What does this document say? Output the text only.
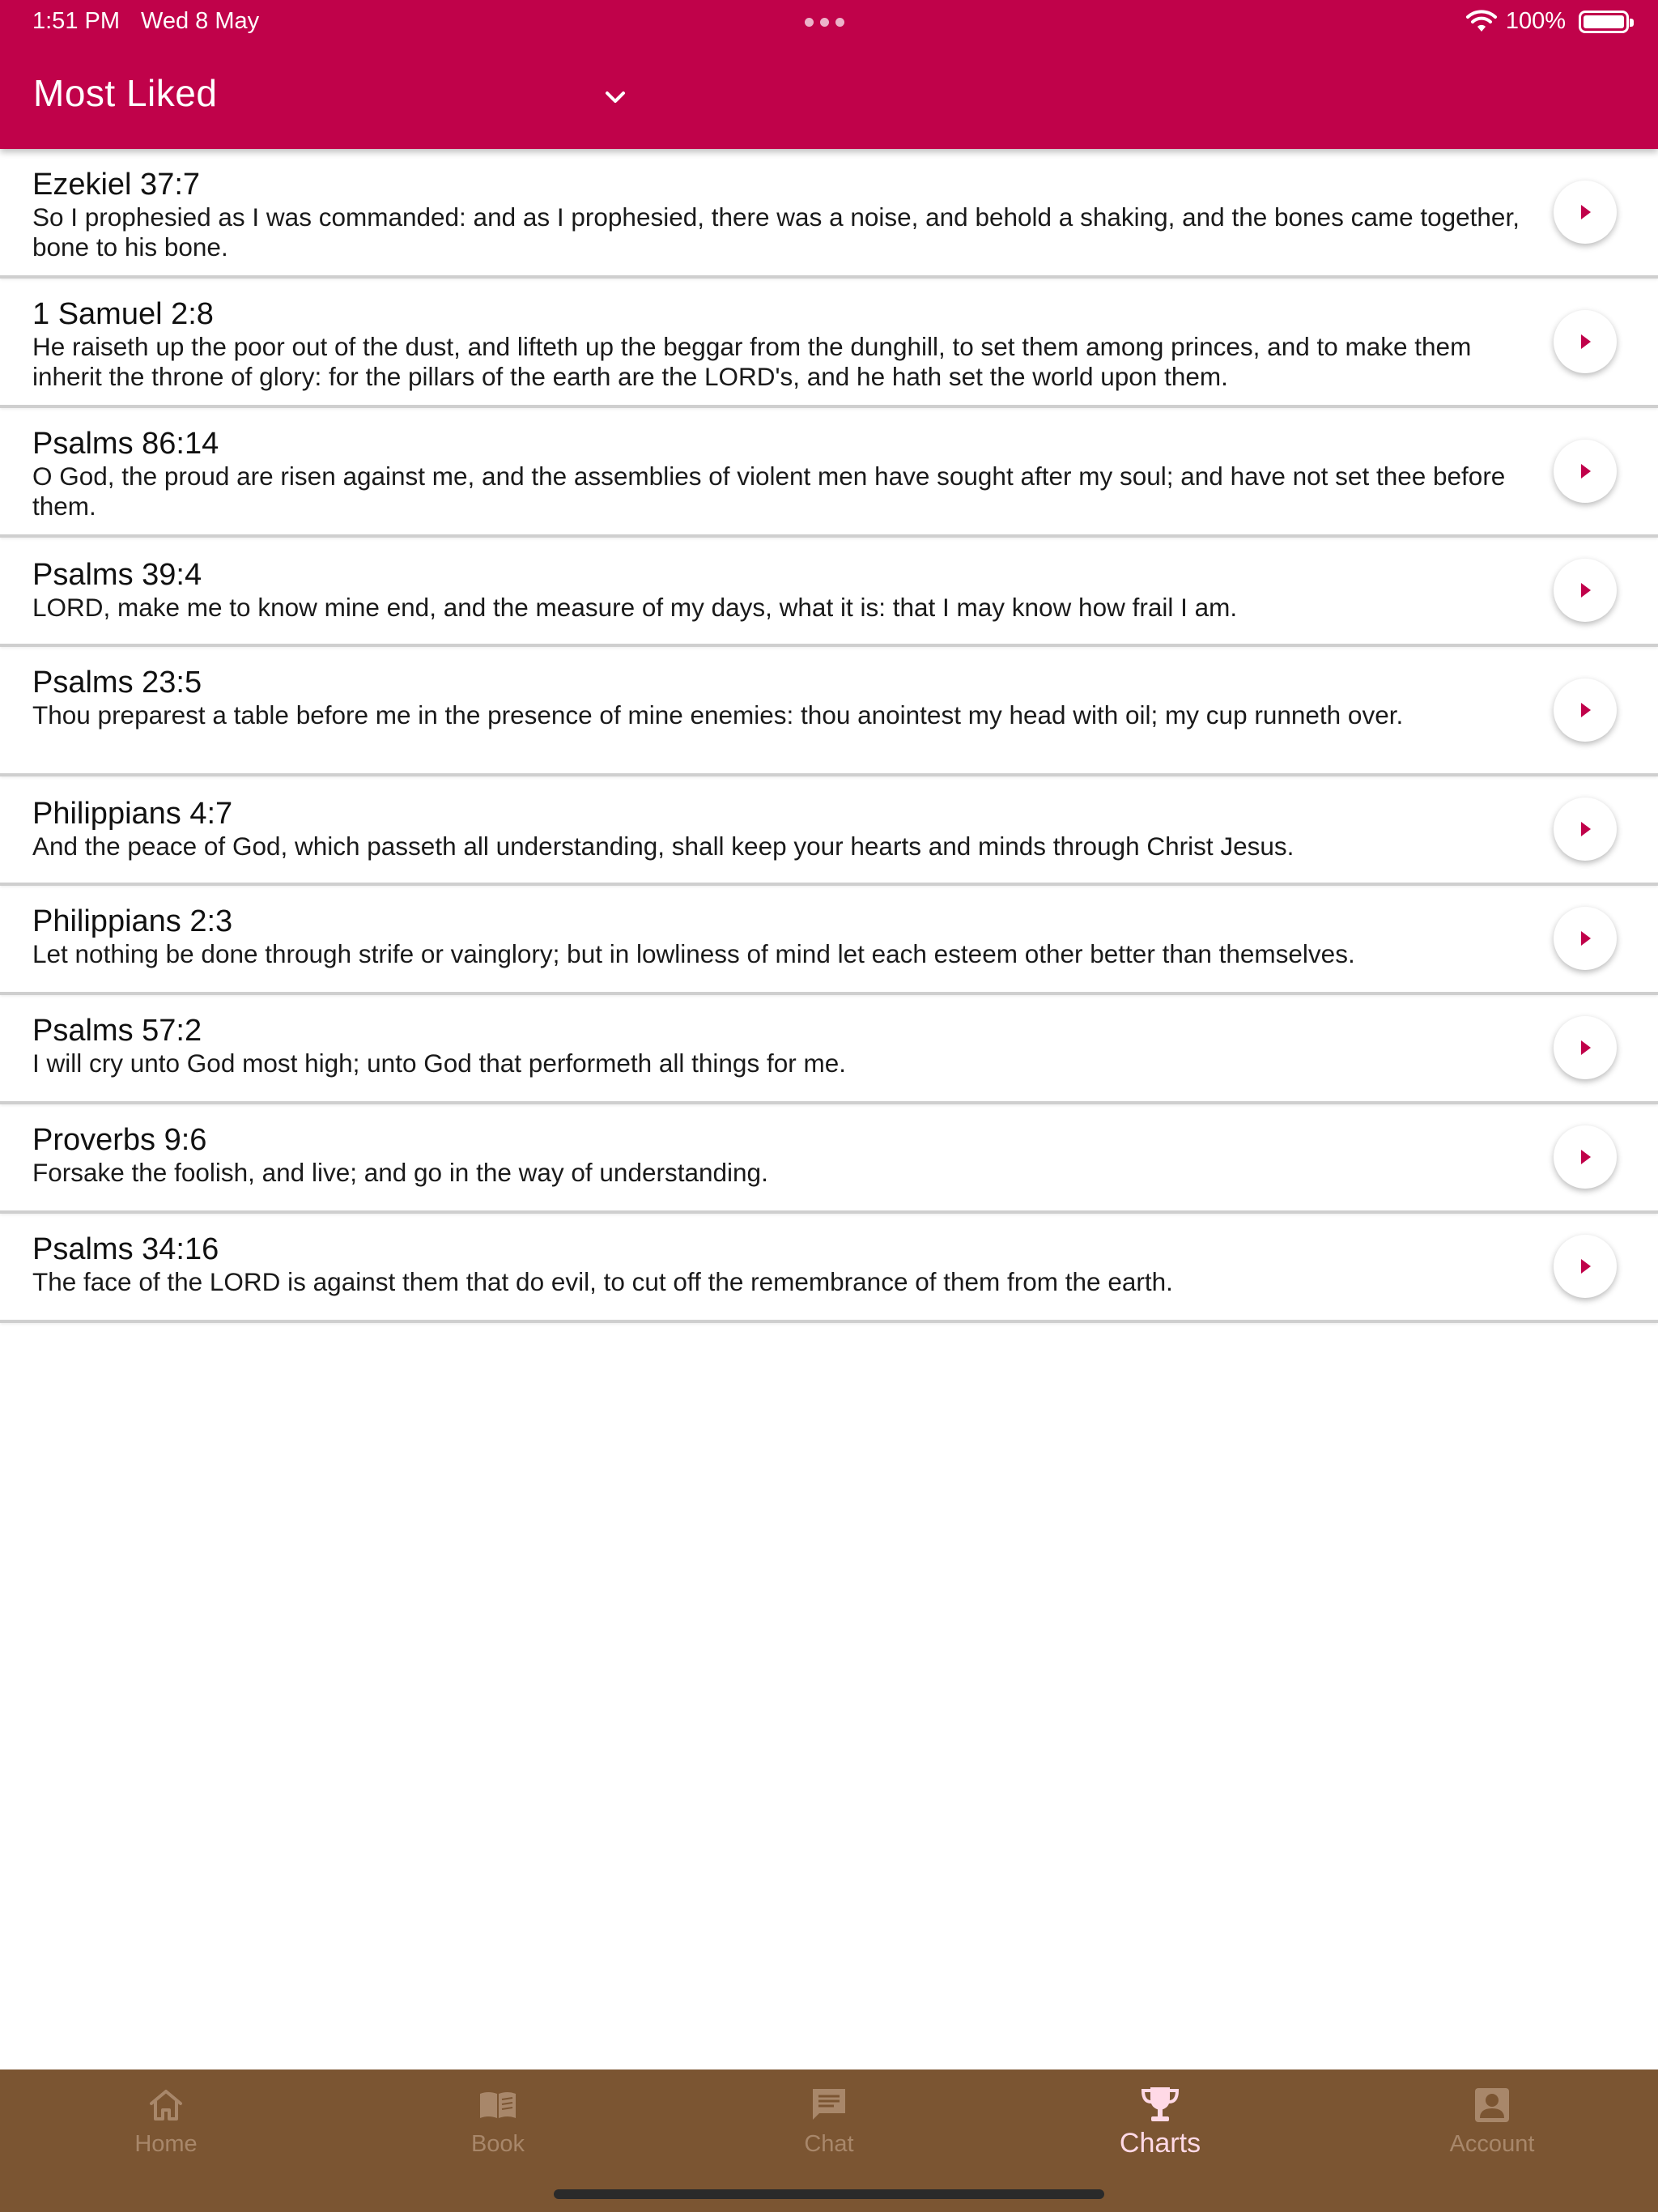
1:51 PM Wed 8 May	100%
Most Liked
Ezekiel 37:7
So I prophesied as I was commanded: and as I prophesied, there was a noise, and behold a shaking, and the bones came together, bone to his bone.
1 Samuel 2:8
He raiseth up the poor out of the dust, and lifteth up the beggar from the dunghill, to set them among princes, and to make them inherit the throne of glory: for the pillars of the earth are the LORD's, and he hath set the world upon them.
Psalms 86:14
O God, the proud are risen against me, and the assemblies of violent men have sought after my soul; and have not set thee before them.
Psalms 39:4
LORD, make me to know mine end, and the measure of my days, what it is: that I may know how frail I am.
Psalms 23:5
Thou preparest a table before me in the presence of mine enemies: thou anointest my head with oil; my cup runneth over.
Philippians 4:7
And the peace of God, which passeth all understanding, shall keep your hearts and minds through Christ Jesus.
Philippians 2:3
Let nothing be done through strife or vainglory; but in lowliness of mind let each esteem other better than themselves.
Psalms 57:2
I will cry unto God most high; unto God that performeth all things for me.
Proverbs 9:6
Forsake the foolish, and live; and go in the way of understanding.
Psalms 34:16
The face of the LORD is against them that do evil, to cut off the remembrance of them from the earth.
Home	Book	Chat	Charts	Account
